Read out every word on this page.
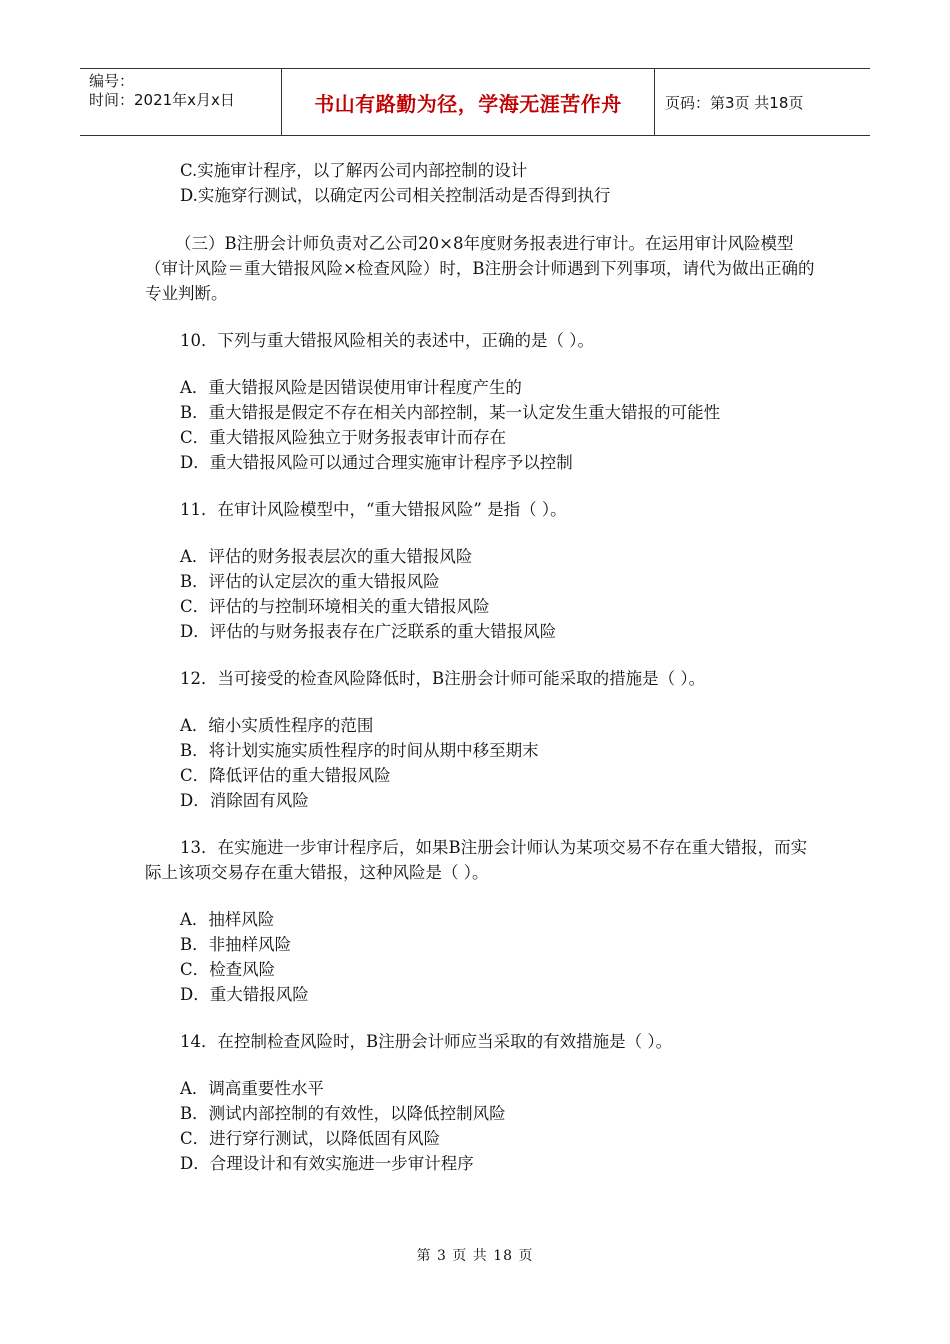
编号：
时间：2021年x月x日	书山有路勤为径，学海无涯苦作舟	页码：第3页 共18页

C.实施审计程序，以了解丙公司内部控制的设计

D.实施穿行测试，以确定丙公司相关控制活动是否得到执行

（三）B注册会计师负责对乙公司20×8年度财务报表进行审计。在运用审计风险模型（审计风险＝重大错报风险×检查风险）时，B注册会计师遇到下列事项，请代为做出正确的专业判断。

10．下列与重大错报风险相关的表述中，正确的是（ ）。

A．重大错报风险是因错误使用审计程度产生的

B．重大错报是假定不存在相关内部控制，某一认定发生重大错报的可能性

C．重大错报风险独立于财务报表审计而存在

D．重大错报风险可以通过合理实施审计程序予以控制

11．在审计风险模型中，“重大错报风险” 是指（ ）。

A．评估的财务报表层次的重大错报风险

B．评估的认定层次的重大错报风险

C．评估的与控制环境相关的重大错报风险

D．评估的与财务报表存在广泛联系的重大错报风险

12．当可接受的检查风险降低时，B注册会计师可能采取的措施是（ ）。

A．缩小实质性程序的范围

B．将计划实施实质性程序的时间从期中移至期末

C．降低评估的重大错报风险

D．消除固有风险

13．在实施进一步审计程序后，如果B注册会计师认为某项交易不存在重大错报，而实际上该项交易存在重大错报，这种风险是（ ）。

A．抽样风险

B．非抽样风险

C．检查风险

D．重大错报风险

14．在控制检查风险时，B注册会计师应当采取的有效措施是（ ）。

A．调高重要性水平

B．测试内部控制的有效性，以降低控制风险

C．进行穿行测试，以降低固有风险

D．合理设计和有效实施进一步审计程序

第 3 页 共 18 页
